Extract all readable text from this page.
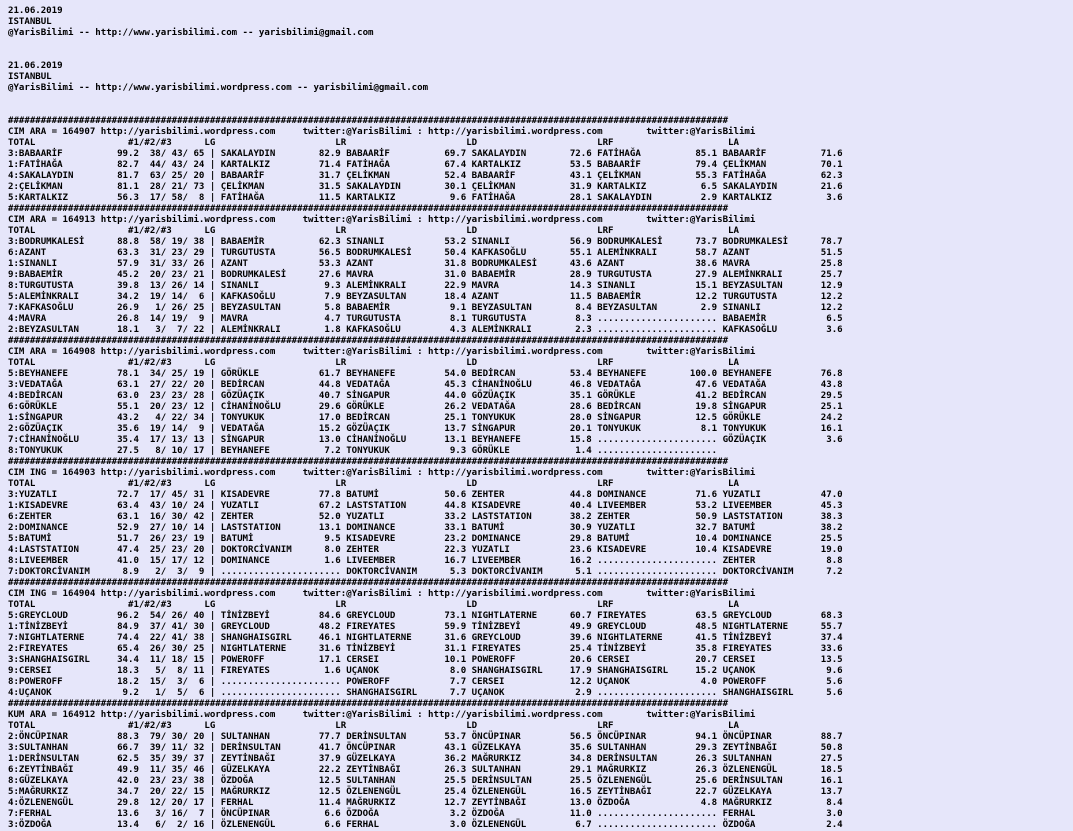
21.06.2019
ISTANBUL
@YarisBilimi -- http://www.yarisbilimi.com -- yarisbilimi@gmail.com

21.06.2019
ISTANBUL
@YarisBilimi -- http://www.yarisbilimi.wordpress.com -- yarisbilimi@gmail.com

####################################################################################################################################
CIM ARA = 164907 http://yarisbilimi.wordpress.com     twitter:@YarisBilimi : http://yarisbilimi.wordpress.com        twitter:@YarisBilimi
TOTAL                 #1/#2/#3      LG                      LR                      LD                      LRF                     LA
3:BABAARİF          99.2  38/ 43/ 65 | SAKALAYDIN        82.9 BABAARİF          69.7 SAKALAYDIN        72.6 FATİHAĞA          85.1 BABAARİF          71.6
1:FATİHAĞA          82.7  44/ 43/ 24 | KARTALKIZ         71.4 FATİHAĞA          67.4 KARTALKIZ         53.5 BABAARİF          79.4 ÇELİKMAN          70.1
4:SAKALAYDIN        81.7  63/ 25/ 20 | BABAARİF          31.7 ÇELİKMAN          52.4 BABAARİF          43.1 ÇELİKMAN          55.3 FATİHAĞA          62.3
2:ÇELİKMAN          81.1  28/ 21/ 73 | ÇELİKMAN          31.5 SAKALAYDIN        30.1 ÇELİKMAN          31.9 KARTALKIZ          6.5 SAKALAYDIN        21.6
5:KARTALKIZ         56.3  17/ 58/  8 | FATİHAĞA          11.5 KARTALKIZ          9.6 FATİHAĞA          28.1 SAKALAYDIN         2.9 KARTALKIZ          3.6
####################################################################################################################################
CIM ARA = 164913 http://yarisbilimi.wordpress.com     twitter:@YarisBilimi : http://yarisbilimi.wordpress.com        twitter:@YarisBilimi
TOTAL                 #1/#2/#3      LG                      LR                      LD                      LRF                     LA
3:BODRUMKALESİ      88.8  58/ 19/ 38 | BABAEMİR          62.3 SINANLI           53.2 SINANLI           56.9 BODRUMKALESİ      73.7 BODRUMKALESİ      78.7
6:AZANT             63.3  31/ 23/ 29 | TURGUTUSTA        56.5 BODRUMKALESİ      50.4 KAFKASOĞLU        55.1 ALEMİNKRALI       58.7 AZANT             51.5
1:SINANLI           57.9  31/ 33/ 26 | AZANT             53.3 AZANT             31.8 BODRUMKALESİ      43.6 AZANT             38.6 MAVRA             25.8
9:BABAEMİR          45.2  20/ 23/ 21 | BODRUMKALESİ      27.6 MAVRA             31.0 BABAEMİR          28.9 TURGUTUSTA        27.9 ALEMİNKRALI       25.7
8:TURGUTUSTA        39.8  13/ 26/ 14 | SINANLI            9.3 ALEMİNKRALI       22.9 MAVRA             14.3 SINANLI           15.1 BEYZASULTAN       12.9
5:ALEMİNKRALI       34.2  19/ 14/  6 | KAFKASOĞLU         7.9 BEYZASULTAN       18.4 AZANT             11.5 BABAEMİR          12.2 TURGUTUSTA        12.2
7:KAFKASOĞLU        26.9   1/ 26/ 25 | BEYZASULTAN        5.8 BABAEMİR           9.1 BEYZASULTAN        8.4 BEYZASULTAN        2.9 SINANLI           12.2
4:MAVRA             26.8  14/ 19/  9 | MAVRA              4.7 TURGUTUSTA         8.1 TURGUTUSTA         8.3 ...................... BABAEMİR           6.5
2:BEYZASULTAN       18.1   3/  7/ 22 | ALEMİNKRALI        1.8 KAFKASOĞLU         4.3 ALEMİNKRALI        2.3 ...................... KAFKASOĞLU         3.6
####################################################################################################################################
CIM ARA = 164908 http://yarisbilimi.wordpress.com     twitter:@YarisBilimi : http://yarisbilimi.wordpress.com        twitter:@YarisBilimi
TOTAL                 #1/#2/#3      LG                      LR                      LD                      LRF                     LA
5:BEYHANEFE         78.1  34/ 25/ 19 | GÖRÜKLE           61.7 BEYHANEFE         54.0 BEDİRCAN          53.4 BEYHANEFE        100.0 BEYHANEFE         76.8
3:VEDATAĞA          63.1  27/ 22/ 20 | BEDİRCAN          44.8 VEDATAĞA          45.3 CİHANİNOĞLU       46.8 VEDATAĞA          47.6 VEDATAĞA          43.8
4:BEDİRCAN          63.0  23/ 23/ 28 | GÖZÜAÇIK          40.7 SİNGAPUR          44.0 GÖZÜAÇIK          35.1 GÖRÜKLE           41.2 BEDİRCAN          29.5
6:GÖRÜKLE           55.1  20/ 23/ 12 | CİHANİNOĞLU       29.6 GÖRÜKLE           26.2 VEDATAĞA          28.6 BEDİRCAN          19.8 SİNGAPUR          25.1
1:SİNGAPUR          43.2   4/ 22/ 34 | TONYUKUK          17.0 BEDİRCAN          25.1 TONYUKUK          28.0 SİNGAPUR          12.5 GÖRÜKLE           24.2
2:GÖZÜAÇIK          35.6  19/ 14/  9 | VEDATAĞA          15.2 GÖZÜAÇIK          13.7 SİNGAPUR          20.1 TONYUKUK           8.1 TONYUKUK          16.1
7:CİHANİNOĞLU       35.4  17/ 13/ 13 | SİNGAPUR          13.0 CİHANİNOĞLU       13.1 BEYHANEFE         15.8 ...................... GÖZÜAÇIK           3.6
8:TONYUKUK          27.5   8/ 10/ 17 | BEYHANEFE          7.2 TONYUKUK           9.3 GÖRÜKLE            1.4 ......................
####################################################################################################################################
CIM ING = 164903 http://yarisbilimi.wordpress.com     twitter:@YarisBilimi : http://yarisbilimi.wordpress.com        twitter:@YarisBilimi
TOTAL                 #1/#2/#3      LG                      LR                      LD                      LRF                     LA
3:YUZATLI           72.7  17/ 45/ 31 | KISADEVRE         77.8 BATUMİ            50.6 ZEHTER            44.8 DOMINANCE         71.6 YUZATLI           47.0
1:KISADEVRE         63.4  43/ 10/ 24 | YUZATLI           67.2 LASTSTATION       44.8 KISADEVRE         40.4 LIVEEMBER         53.2 LIVEEMBER         45.3
6:ZEHTER            63.1  16/ 30/ 42 | ZEHTER            52.0 YUZATLI           33.2 LASTSTATION       38.2 ZEHTER            50.9 LASTSTATION       38.3
2:DOMINANCE         52.9  27/ 10/ 14 | LASTSTATION       13.1 DOMINANCE         33.1 BATUMİ            30.9 YUZATLI           32.7 BATUMİ            38.2
5:BATUMİ            51.7  26/ 23/ 19 | BATUMİ             9.5 KISADEVRE         23.2 DOMINANCE         29.8 BATUMİ            10.4 DOMINANCE         25.5
4:LASTSTATION       47.4  25/ 23/ 20 | DOKTORCİVANIM      8.0 ZEHTER            22.3 YUZATLI           23.6 KISADEVRE         10.4 KISADEVRE         19.0
8:LIVEEMBER         41.0  15/ 17/ 12 | DOMINANCE          1.6 LIVEEMBER         16.7 LIVEEMBER         16.2 ...................... ZEHTER             8.8
7:DOKTORCİVANIM      8.9   2/  3/  9 | ...................... DOKTORCİVANIM      5.3 DOKTORCİVANIM      5.1 ...................... DOKTORCİVANIM      7.2
####################################################################################################################################
CIM ING = 164904 http://yarisbilimi.wordpress.com     twitter:@YarisBilimi : http://yarisbilimi.wordpress.com        twitter:@YarisBilimi
TOTAL                 #1/#2/#3      LG                      LR                      LD                      LRF                     LA
5:GREYCLOUD         96.2  54/ 26/ 40 | TİNİZBEYİ         84.6 GREYCLOUD         73.1 NIGHTLATERNE      60.7 FIREYATES         63.5 GREYCLOUD         68.3
1:TİNİZBEYİ         84.9  37/ 41/ 30 | GREYCLOUD         48.2 FIREYATES         59.9 TİNİZBEYİ         49.9 GREYCLOUD         48.5 NIGHTLATERNE      55.7
7:NIGHTLATERNE      74.4  22/ 41/ 38 | SHANGHAISGIRL     46.1 NIGHTLATERNE      31.6 GREYCLOUD         39.6 NIGHTLATERNE      41.5 TİNİZBEYİ         37.4
2:FIREYATES         65.4  26/ 30/ 25 | NIGHTLATERNE      31.6 TİNİZBEYİ         31.1 FIREYATES         25.4 TİNİZBEYİ         35.8 FIREYATES         33.6
3:SHANGHAISGIRL     34.4  11/ 18/ 15 | POWEROFF          17.1 CERSEI            10.1 POWEROFF          20.6 CERSEI            20.7 CERSEI            13.5
9:CERSEI            18.3   5/  8/ 11 | FIREYATES          1.6 UÇANOK             8.0 SHANGHAISGIRL     17.9 SHANGHAISGIRL     15.2 UÇANOK             9.6
8:POWEROFF          18.2  15/  3/  6 | ...................... POWEROFF           7.7 CERSEI            12.2 UÇANOK             4.0 POWEROFF           5.6
4:UÇANOK             9.2   1/  5/  6 | ...................... SHANGHAISGIRL      7.7 UÇANOK             2.9 ...................... SHANGHAISGIRL      5.6
####################################################################################################################################
KUM ARA = 164912 http://yarisbilimi.wordpress.com     twitter:@YarisBilimi : http://yarisbilimi.wordpress.com        twitter:@YarisBilimi
TOTAL                 #1/#2/#3      LG                      LR                      LD                      LRF                     LA
2:ÖNCÜPINAR         88.3  79/ 30/ 20 | SULTANHAN         77.7 DERİNSULTAN       53.7 ÖNCÜPINAR         56.5 ÖNCÜPINAR         94.1 ÖNCÜPINAR         88.7
3:SULTANHAN         66.7  39/ 11/ 32 | DERİNSULTAN       41.7 ÖNCÜPINAR         43.1 GÜZELKAYA         35.6 SULTANHAN         29.3 ZEYTİNBAĞI        50.8
1:DERİNSULTAN       62.5  35/ 39/ 37 | ZEYTİNBAĞI        37.9 GÜZELKAYA         36.2 MAĞRURKIZ         34.8 DERİNSULTAN       26.3 SULTANHAN         27.5
6:ZEYTİNBAĞI        49.9  11/ 35/ 46 | GÜZELKAYA         22.2 ZEYTİNBAĞI        26.3 SULTANHAN         29.1 MAĞRURKIZ         26.3 ÖZLENENGÜL        18.5
8:GÜZELKAYA         42.0  23/ 23/ 38 | ÖZDOĞA            12.5 SULTANHAN         25.5 DERİNSULTAN       25.5 ÖZLENENGÜL        25.6 DERİNSULTAN       16.1
5:MAĞRURKIZ         34.7  20/ 22/ 15 | MAĞRURKIZ         12.5 ÖZLENENGÜL        25.4 ÖZLENENGÜL        16.5 ZEYTİNBAĞI        22.7 GÜZELKAYA         13.7
4:ÖZLENENGÜL        29.8  12/ 20/ 17 | FERHAL            11.4 MAĞRURKIZ         12.7 ZEYTİNBAĞI        13.0 ÖZDOĞA             4.8 MAĞRURKIZ          8.4
7:FERHAL            13.6   3/ 16/  7 | ÖNCÜPINAR          6.6 ÖZDOĞA             3.2 ÖZDOĞA            11.0 ...................... FERHAL             3.0
3:ÖZDOĞA            13.4   6/  2/ 16 | ÖZLENENGÜL         6.6 FERHAL             3.0 ÖZLENENGÜL         6.7 ...................... ÖZDOĞA             2.4
